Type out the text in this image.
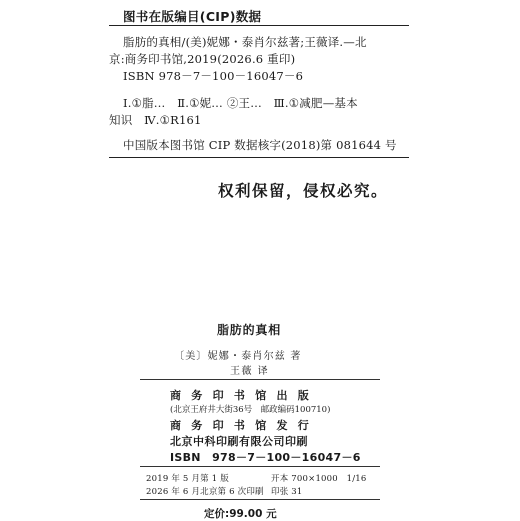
图书在版编目(CIP)数据
脂肪的真相/(美)妮娜・泰肖尔兹著;王薇译.—北
京:商务印书馆,2019(2026.6 重印)
ISBN 978－7－100－16047－6
Ⅰ.①脂…　Ⅱ.①妮… ②王…　Ⅲ.①减肥—基本
知识　Ⅳ.①R161
中国版本图书馆 CIP 数据核字(2018)第 081644 号
权利保留，侵权必究。
脂肪的真相
〔美〕妮娜・泰肖尔兹 著
王薇 译
商务印书馆出版
(北京王府井大街36号　邮政编码100710)
商务印书馆发行
北京中科印刷有限公司印刷
ISBN　978－7－100－16047－6
2019 年 5 月第 1 版	开本 700×1000　1/16
2026 年 6 月北京第 6 次印刷 印张 31
定价:99.00 元
